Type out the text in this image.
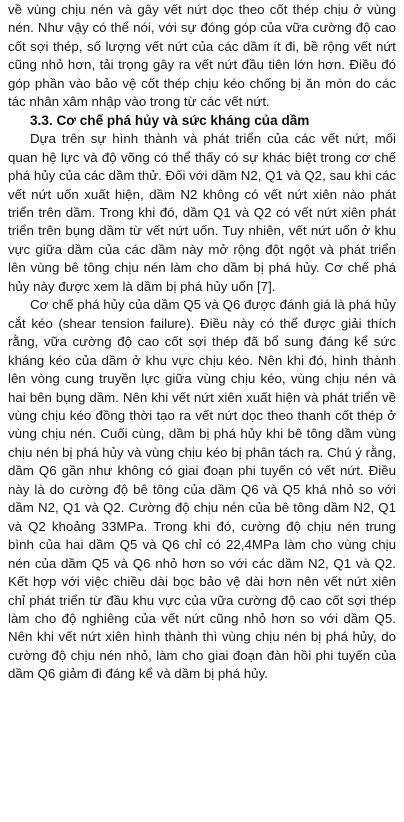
về vùng chịu nén và gây vết nứt dọc theo cốt thép chịu ở vùng nén. Như vậy có thể nói, với sự đóng góp của vữa cường độ cao cốt sợi thép, số lượng vết nứt của các dầm ít đi, bề rộng vết nứt cũng nhỏ hơn, tải trọng gây ra vết nứt đầu tiên lớn hơn. Điều đó góp phần vào bảo vệ cốt thép chịu kéo chống bị ăn mòn do các tác nhân xâm nhập vào trong từ các vết nứt.

3.3. Cơ chế phá hủy và sức kháng của dầm

Dựa trên sự hình thành và phát triển của các vết nứt, mối quan hệ lực và độ võng có thể thấy có sự khác biệt trong cơ chế phá hủy của các dầm thử. Đối với dầm N2, Q1 và Q2, sau khi các vết nứt uốn xuất hiện, dầm N2 không có vết nứt xiên nào phát triển trên dầm. Trong khi đó, dầm Q1 và Q2 có vết nứt xiên phát triển trên bụng dầm từ vết nứt uốn. Tuy nhiên, vết nứt uốn ở khu vực giữa dầm của các dầm này mở rộng đột ngột và phát triển lên vùng bê tông chịu nén làm cho dầm bị phá hủy. Cơ chế phá hủy này được xem là dầm bị phá hủy uốn [7].

Cơ chế phá hủy của dầm Q5 và Q6 được đánh giá là phá hủy cắt kéo (shear tension failure). Điều này có thể được giải thích rằng, vữa cường độ cao cốt sợi thép đã bổ sung đáng kể sức kháng kéo của dầm ở khu vực chịu kéo. Nên khi đó, hình thành lên vòng cung truyền lực giữa vùng chịu kéo, vùng chịu nén và hai bên bụng dầm. Nên khi vết nứt xiên xuất hiện và phát triển về vùng chịu kéo đồng thời tạo ra vết nứt dọc theo thanh cốt thép ở vùng chịu nén. Cuối cùng, dầm bị phá hủy khi bê tông dầm vùng chịu nén bị phá hủy và vùng chịu kéo bị phân tách ra. Chú ý rằng, dầm Q6 gần như không có giai đoạn phi tuyến có vết nứt. Điều này là do cường độ bê tông của dầm Q6 và Q5 khá nhỏ so với dầm N2, Q1 và Q2. Cường độ chịu nén của bê tông dầm N2, Q1 và Q2 khoảng 33MPa. Trong khi đó, cường độ chịu nén trung bình của hai dầm Q5 và Q6 chỉ có 22,4MPa làm cho vùng chịu nén của dầm Q5 và Q6 nhỏ hơn so với các dầm N2, Q1 và Q2. Kết hợp với việc chiều dài bọc bảo vệ dài hơn nên vết nứt xiên chỉ phát triển từ đầu khu vực của vữa cường độ cao cốt sợi thép làm cho độ nghiêng của vết nứt cũng nhỏ hơn so với dầm Q5. Nên khi vết nứt xiên hình thành thì vùng chịu nén bị phá hủy, do cường độ chịu nén nhỏ, làm cho giai đoạn đàn hồi phi tuyến của dầm Q6 giảm đi đáng kể và dầm bị phá hủy.
